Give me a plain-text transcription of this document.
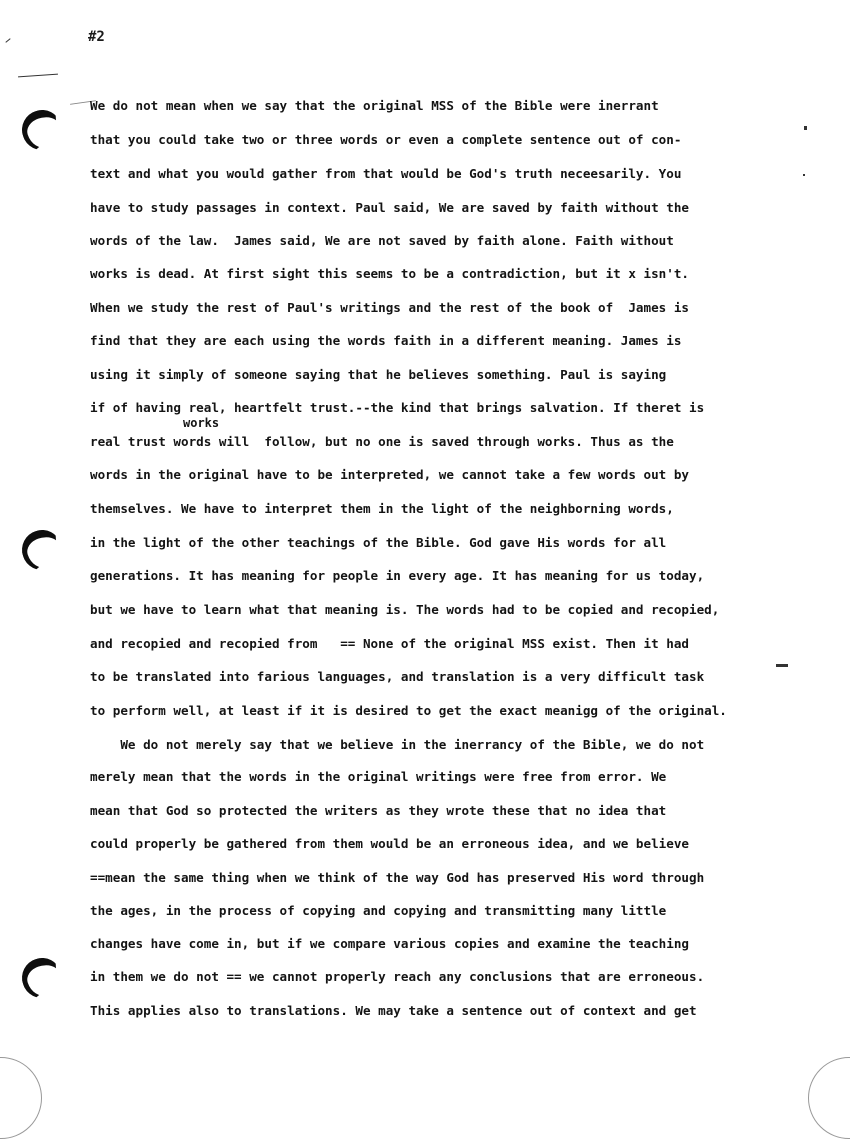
#2
works
We do not mean when we say that the original MSS of the Bible were inerrant
that you could take two or three words or even a complete sentence out of con-
text and what you would gather from that would be God's truth neceesarily. You
have to study passages in context. Paul said, We are saved by faith without the
words of the law.  James said, We are not saved by faith alone. Faith without
works is dead. At first sight this seems to be a contradiction, but it x isn't.
When we study the rest of Paul's writings and the rest of the book of  James is
find that they are each using the words faith in a different meaning. James is
using it simply of someone saying that he believes something. Paul is saying
if of having real, heartfelt trust.--the kind that brings salvation. If theret is
real trust words will  follow, but no one is saved through works. Thus as the
words in the original have to be interpreted, we cannot take a few words out by
themselves. We have to interpret them in the light of the neighborning words,
in the light of the other teachings of the Bible. God gave His words for all
generations. It has meaning for people in every age. It has meaning for us today,
but we have to learn what that meaning is. The words had to be copied and recopied,
and recopied and recopied from   == None of the original MSS exist. Then it had
to be translated into farious languages, and translation is a very difficult task
to perform well, at least if it is desired to get the exact meanigg of the original.
We do not merely say that we believe in the inerrancy of the Bible, we do not
merely mean that the words in the original writings were free from error. We
mean that God so protected the writers as they wrote these that no idea that
could properly be gathered from them would be an erroneous idea, and we believe
==mean the same thing when we think of the way God has preserved His word through
the ages, in the process of copying and copying and transmitting many little
changes have come in, but if we compare various copies and examine the teaching
in them we do not == we cannot properly reach any conclusions that are erroneous.
This applies also to translations. We may take a sentence out of context and get
